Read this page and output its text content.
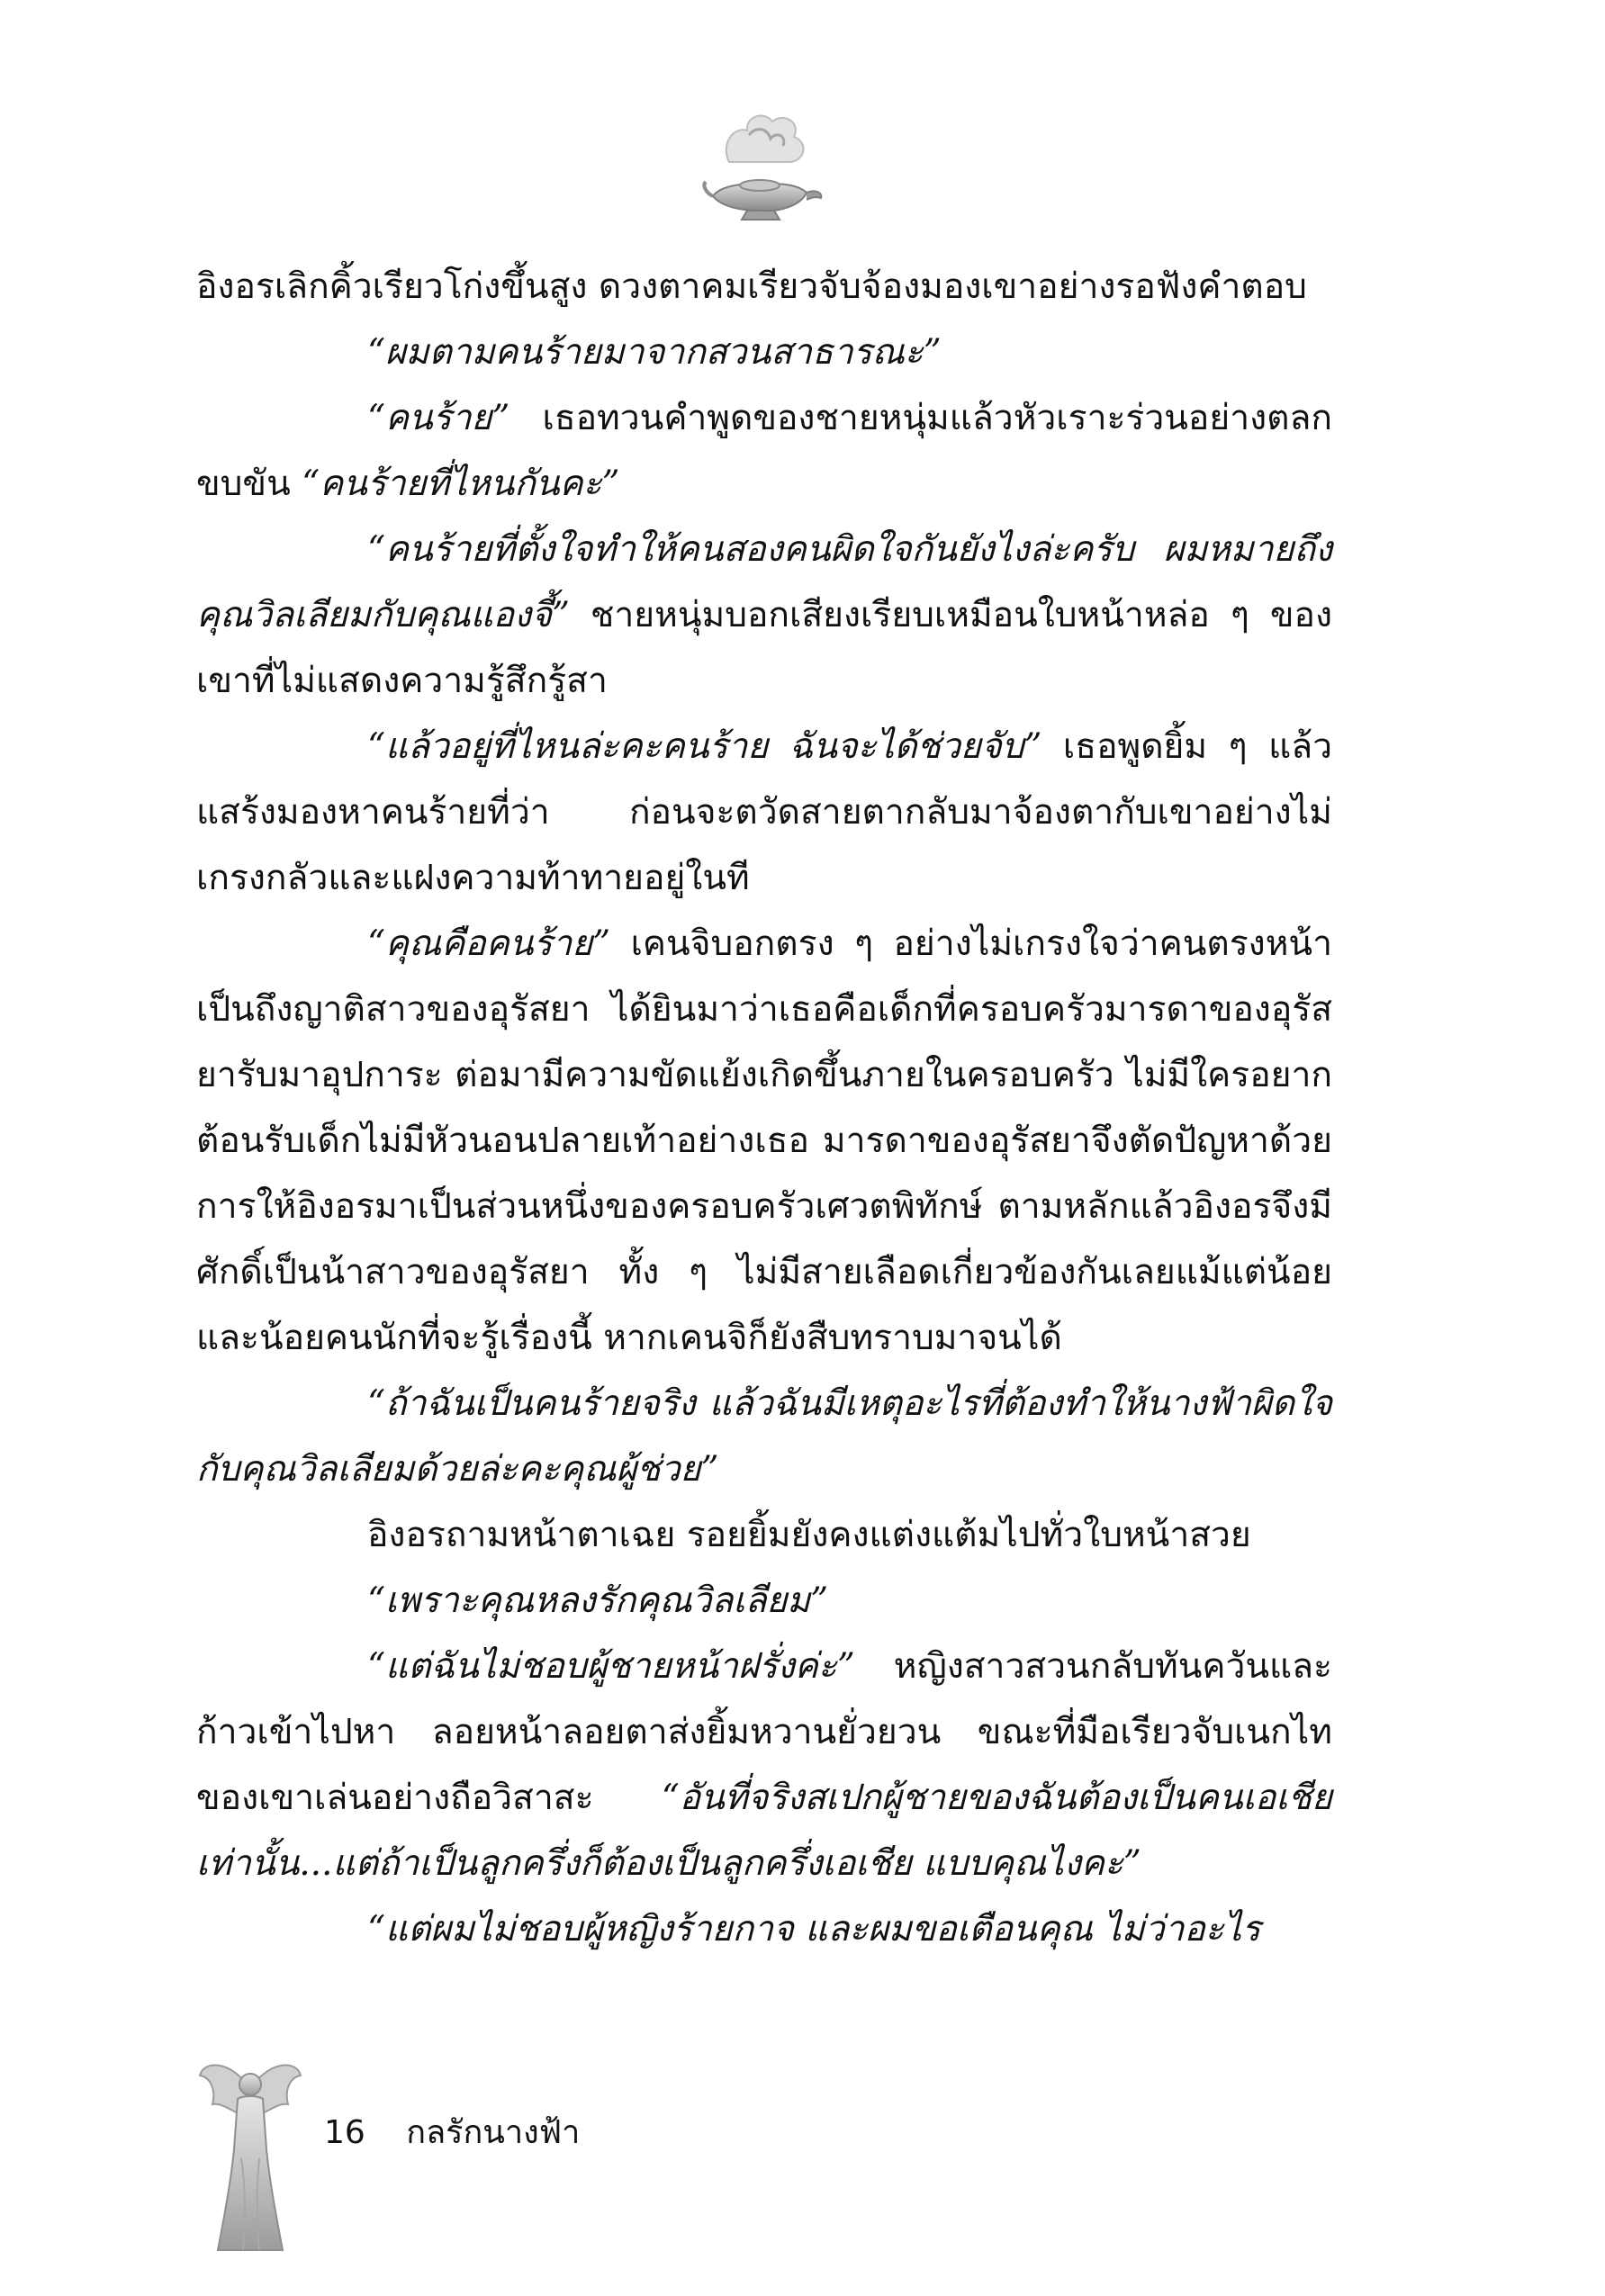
อิงอรเลิกคิ้วเรียวโก่งขึ้นสูง ดวงตาคมเรียวจับจ้องมองเขาอย่างรอฟังคำตอบ

“ผมตามคนร้ายมาจากสวนสาธารณะ”

“คนร้าย” เธอทวนคำพูดของชายหนุ่มแล้วหัวเราะร่วนอย่างตลกขบขัน “คนร้ายที่ไหนกันคะ”

“คนร้ายที่ตั้งใจทำให้คนสองคนผิดใจกันยังไงล่ะครับ ผมหมายถึงคุณวิลเลียมกับคุณแองจี้” ชายหนุ่มบอกเสียงเรียบเหมือนใบหน้าหล่อ ๆ ของเขาที่ไม่แสดงความรู้สึกรู้สา

“แล้วอยู่ที่ไหนล่ะคะคนร้าย ฉันจะได้ช่วยจับ” เธอพูดยิ้ม ๆ แล้วแสร้งมองหาคนร้ายที่ว่า ก่อนจะตวัดสายตากลับมาจ้องตากับเขาอย่างไม่เกรงกลัวและแฝงความท้าทายอยู่ในที

“คุณคือคนร้าย” เคนจิบอกตรง ๆ อย่างไม่เกรงใจว่าคนตรงหน้าเป็นถึงญาติสาวของอุรัสยา ได้ยินมาว่าเธอคือเด็กที่ครอบครัวมารดาของอุรัสยารับมาอุปการะ ต่อมามีความขัดแย้งเกิดขึ้นภายในครอบครัว ไม่มีใครอยากต้อนรับเด็กไม่มีหัวนอนปลายเท้าอย่างเธอ มารดาของอุรัสยาจึงตัดปัญหาด้วยการให้อิงอรมาเป็นส่วนหนึ่งของครอบครัวเศวตพิทักษ์ ตามหลักแล้วอิงอรจึงมีศักดิ์เป็นน้าสาวของอุรัสยา ทั้ง ๆ ไม่มีสายเลือดเกี่ยวข้องกันเลยแม้แต่น้อย และน้อยคนนักที่จะรู้เรื่องนี้ หากเคนจิก็ยังสืบทราบมาจนได้

“ถ้าฉันเป็นคนร้ายจริง แล้วฉันมีเหตุอะไรที่ต้องทำให้นางฟ้าผิดใจกับคุณวิลเลียมด้วยล่ะคะคุณผู้ช่วย”

อิงอรถามหน้าตาเฉย รอยยิ้มยังคงแต่งแต้มไปทั่วใบหน้าสวย

“เพราะคุณหลงรักคุณวิลเลียม”

“แต่ฉันไม่ชอบผู้ชายหน้าฝรั่งค่ะ” หญิงสาวสวนกลับทันควันและก้าวเข้าไปหา ลอยหน้าลอยตาส่งยิ้มหวานยั่วยวน ขณะที่มือเรียวจับเนกไทของเขาเล่นอย่างถือวิสาสะ “อันที่จริงสเปกผู้ชายของฉันต้องเป็นคนเอเชียเท่านั้น...แต่ถ้าเป็นลูกครึ่งก็ต้องเป็นลูกครึ่งเอเชีย แบบคุณไงคะ”

“แต่ผมไม่ชอบผู้หญิงร้ายกาจ และผมขอเตือนคุณ ไม่ว่าอะไร

16 กลรักนางฟ้า
